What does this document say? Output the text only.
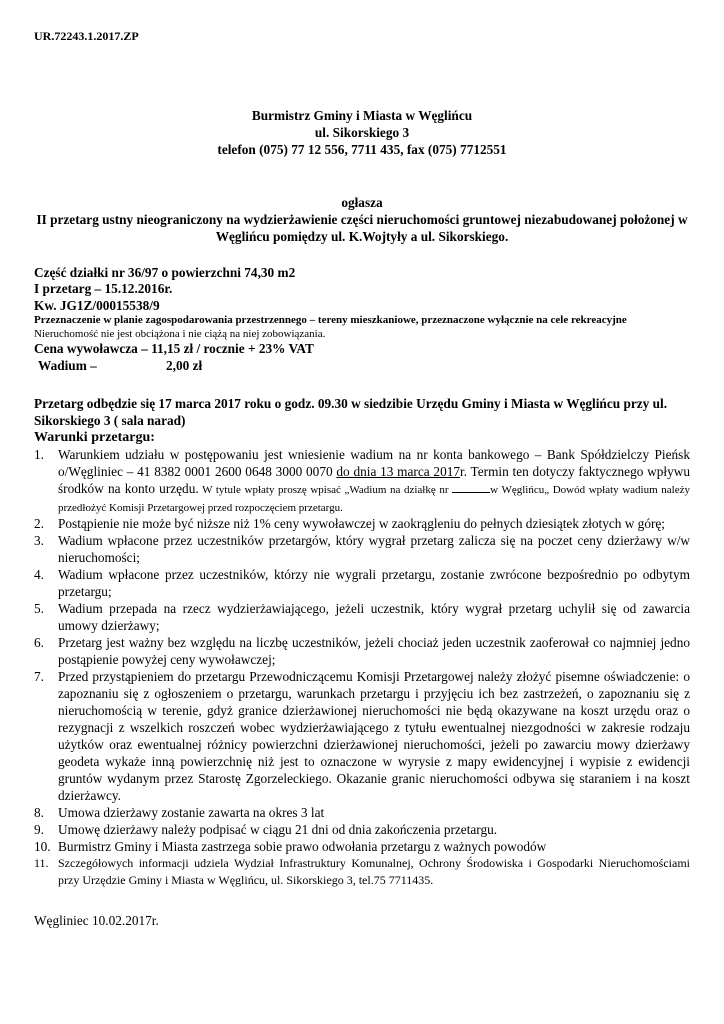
UR.72243.1.2017.ZP

Burmistrz Gminy i Miasta w Węglińcu
ul. Sikorskiego 3
telefon (075) 77 12 556, 7711 435, fax (075) 7712551
ogłasza
II przetarg ustny nieograniczony na wydzierżawienie części nieruchomości gruntowej niezabudowanej położonej w Węglińcu pomiędzy ul. K.Wojtyły a ul. Sikorskiego.
Część działki nr 36/97 o powierzchni 74,30 m2
I przetarg – 15.12.2016r.
Kw. JG1Z/00015538/9
Przeznaczenie w planie zagospodarowania przestrzennego – tereny mieszkaniowe, przeznaczone wyłącznie na cele rekreacyjne
Nieruchomość nie jest obciążona i nie ciążą na niej zobowiązania.
Cena wywoławcza – 11,15 zł / rocznie + 23% VAT
Wadium –	2,00 zł
Przetarg odbędzie się 17 marca 2017 roku o godz. 09.30 w siedzibie Urzędu Gminy i Miasta w Węglińcu przy ul. Sikorskiego 3 ( sala narad)
Warunki przetargu:
1. Warunkiem udziału w postępowaniu jest wniesienie wadium na nr konta bankowego – Bank Spółdzielczy Pieńsk o/Węgliniec – 41 8382 0001 2600 0648 3000 0070 do dnia 13 marca 2017r. Termin ten dotyczy faktycznego wpływu środków na konto urzędu. W tytule wpłaty proszę wpisać „Wadium na działkę nr	w Węglińcu„ Dowód wpłaty wadium należy przedłożyć Komisji Przetargowej przed rozpoczęciem przetargu.
2. Postąpienie nie może być niższe niż 1% ceny wywoławczej w zaokrągleniu do pełnych dziesiątek złotych w górę;
3. Wadium wpłacone przez uczestników przetargów, który wygrał przetarg zalicza się na poczet ceny dzierżawy w/w nieruchomości;
4. Wadium wpłacone przez uczestników, którzy nie wygrali przetargu, zostanie zwrócone bezpośrednio po odbytym przetargu;
5. Wadium przepada na rzecz wydzierżawiającego, jeżeli uczestnik, który wygrał przetarg uchylił się od zawarcia umowy dzierżawy;
6. Przetarg jest ważny bez względu na liczbę uczestników, jeżeli chociaż jeden uczestnik zaoferował co najmniej jedno postąpienie powyżej ceny wywoławczej;
7. Przed przystąpieniem do przetargu Przewodniczącemu Komisji Przetargowej należy złożyć pisemne oświadczenie: o zapoznaniu się z ogłoszeniem o przetargu, warunkach przetargu i przyjęciu ich bez zastrzeżeń, o zapoznaniu się z nieruchomością w terenie, gdyż granice dzierżawionej nieruchomości nie będą okazywane na koszt urzędu oraz o rezygnacji z wszelkich roszczeń wobec wydzierżawiającego z tytułu ewentualnej niezgodności w zakresie rodzaju użytków oraz ewentualnej różnicy powierzchni dzierżawionej nieruchomości, jeżeli po zawarciu mowy dzierżawy geodeta wykaże inną powierzchnię niż jest to oznaczone w wyrysie z mapy ewidencyjnej i wypisie z ewidencji gruntów wydanym przez Starostę Zgorzeleckiego. Okazanie granic nieruchomości odbywa się staraniem i na koszt dzierżawcy.
8. Umowa dzierżawy zostanie zawarta na okres 3 lat
9. Umowę dzierżawy należy podpisać w ciągu 21 dni od dnia zakończenia przetargu.
10. Burmistrz Gminy i Miasta zastrzega sobie prawo odwołania przetargu z ważnych powodów
11. Szczegółowych informacji udziela Wydział Infrastruktury Komunalnej, Ochrony Środowiska i Gospodarki Nieruchomościami przy Urzędzie Gminy i Miasta w Węglińcu, ul. Sikorskiego 3, tel.75 7711435.
Węgliniec 10.02.2017r.
